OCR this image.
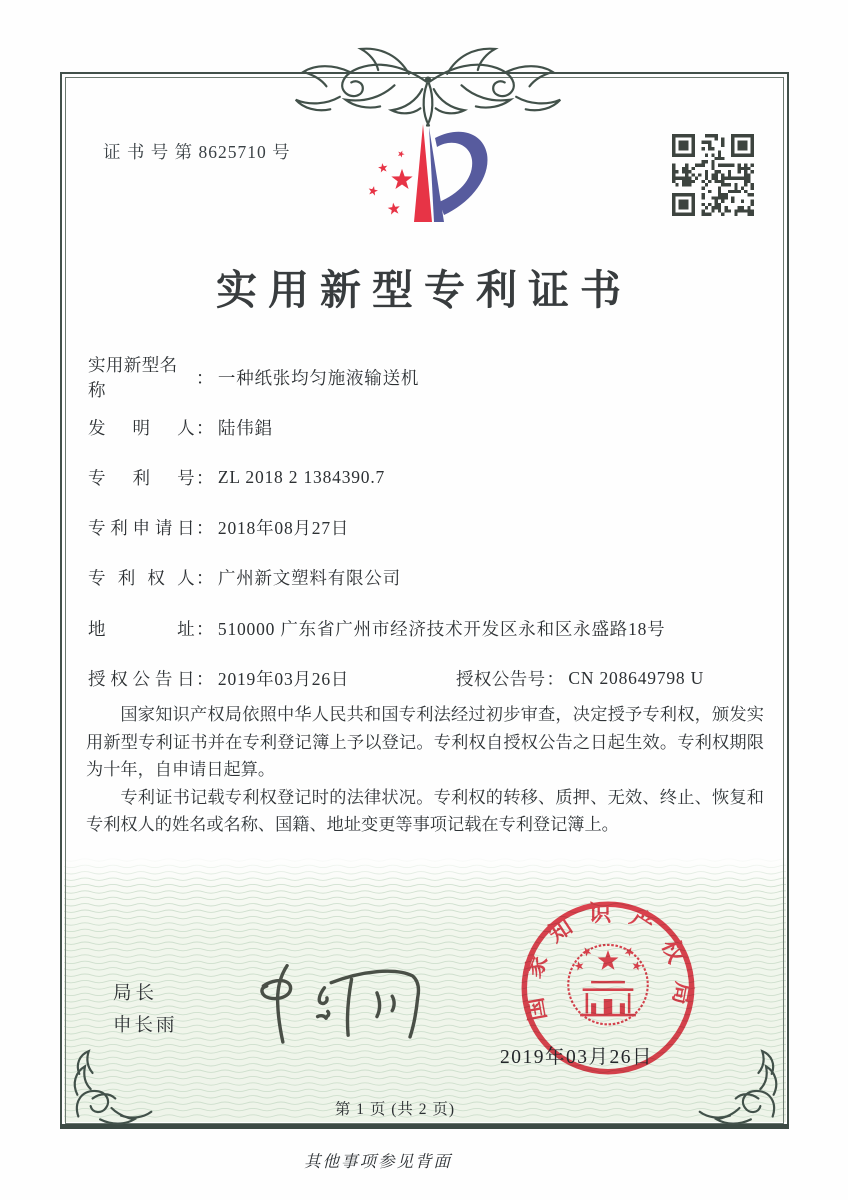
证 书 号 第 8625710 号
实用新型专利证书
实用新型名称
： 一种纸张均匀施液输送机
发明人 ： 陆伟錩
专利号 ： ZL 2018 2 1384390.7
专利申请日 ： 2018年08月27日
专利权人 ： 广州新文塑料有限公司
地址 ： 510000 广东省广州市经济技术开发区永和区永盛路18号
授权公告日 ： 2019年03月26日	授权公告号 ： CN 208649798 U

国家知识产权局依照中华人民共和国专利法经过初步审查，决定授予专利权，颁发实用新型专利证书并在专利登记簿上予以登记。专利权自授权公告之日起生效。专利权期限为十年，自申请日起算。

专利证书记载专利权登记时的法律状况。专利权的转移、质押、无效、终止、恢复和专利权人的姓名或名称、国籍、地址变更等事项记载在专利登记簿上。

局长
申长雨
国家知识产权局
2019年03月26日
第 1 页 (共 2 页)
其他事项参见背面
